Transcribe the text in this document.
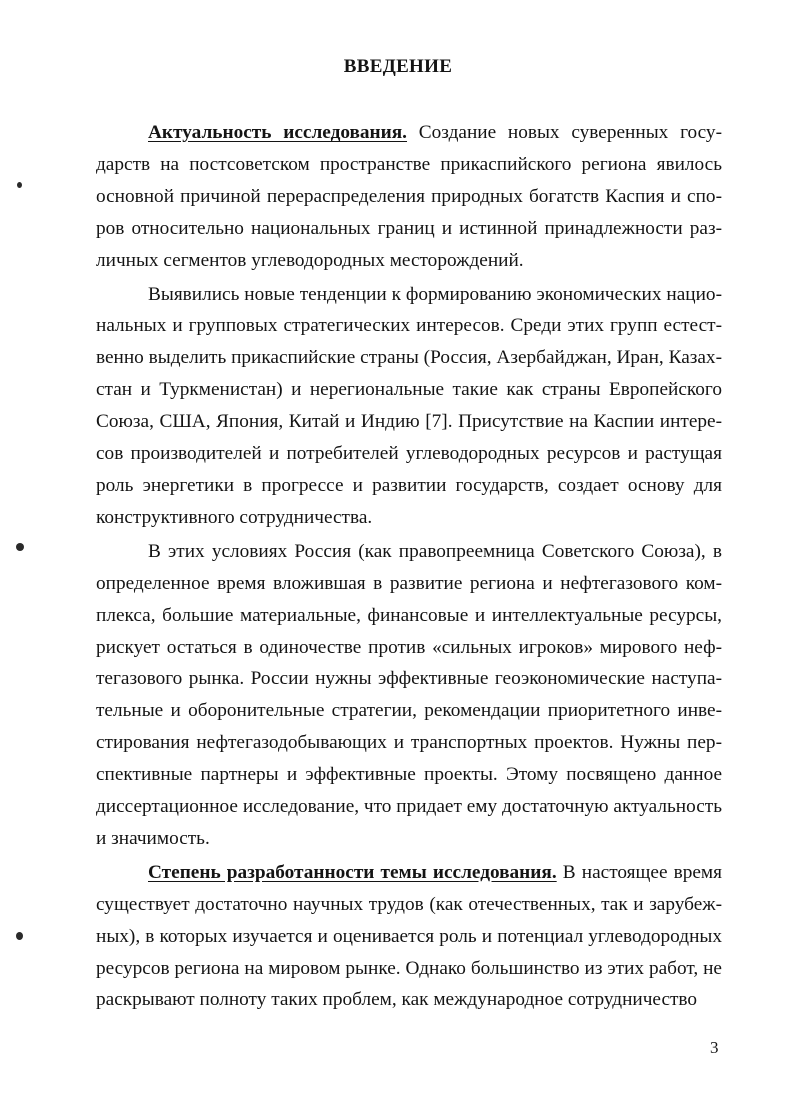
ВВЕДЕНИЕ

Актуальность исследования. Создание новых суверенных государств на постсоветском пространстве прикаспийского региона явилось основной причиной перераспределения природных богатств Каспия и споров относительно национальных границ и истинной принадлежности различных сегментов углеводородных месторождений.

Выявились новые тенденции к формированию экономических национальных и групповых стратегических интересов. Среди этих групп естественно выделить прикаспийские страны (Россия, Азербайджан, Иран, Казахстан и Туркменистан) и нерегиональные такие как страны Европейского Союза, США, Япония, Китай и Индию [7]. Присутствие на Каспии интересов производителей и потребителей углеводородных ресурсов и растущая роль энергетики в прогрессе и развитии государств, создает основу для конструктивного сотрудничества.

В этих условиях Россия (как правопреемница Советского Союза), в определенное время вложившая в развитие региона и нефтегазового комплекса, большие материальные, финансовые и интеллектуальные ресурсы, рискует остаться в одиночестве против «сильных игроков» мирового нефтегазового рынка. России нужны эффективные геоэкономические наступательные и оборонительные стратегии, рекомендации приоритетного инвестирования нефтегазодобывающих и транспортных проектов. Нужны перспективные партнеры и эффективные проекты. Этому посвящено данное диссертационное исследование, что придает ему достаточную актуальность и значимость.

Степень разработанности темы исследования. В настоящее время существует достаточно научных трудов (как отечественных, так и зарубежных), в которых изучается и оценивается роль и потенциал углеводородных ресурсов региона на мировом рынке. Однако большинство из этих работ, не раскрывают полноту таких проблем, как международное сотрудничество

3
